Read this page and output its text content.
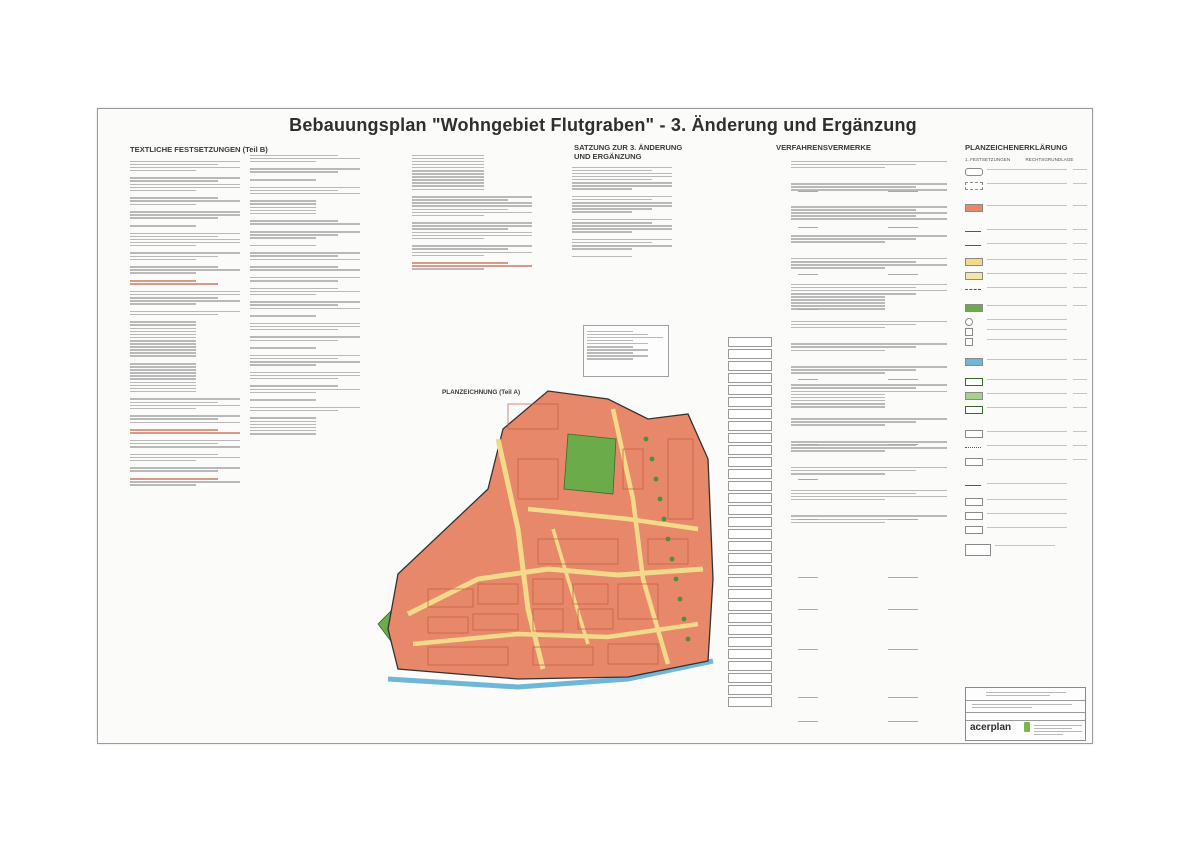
Bebauungsplan "Wohngebiet Flutgraben" - 3. Änderung und Ergänzung
TEXTLICHE FESTSETZUNGEN (Teil B)	SATZUNG ZUR 3. ÄNDERUNG
UND ERGÄNZUNG
VERFAHRENSVERMERKE
PLANZEICHNUNG (Teil A)
PLANZEICHENERKLÄRUNG
1. FESTSETZUNGEN	RECHTSGRUNDLAGE
acerplan
